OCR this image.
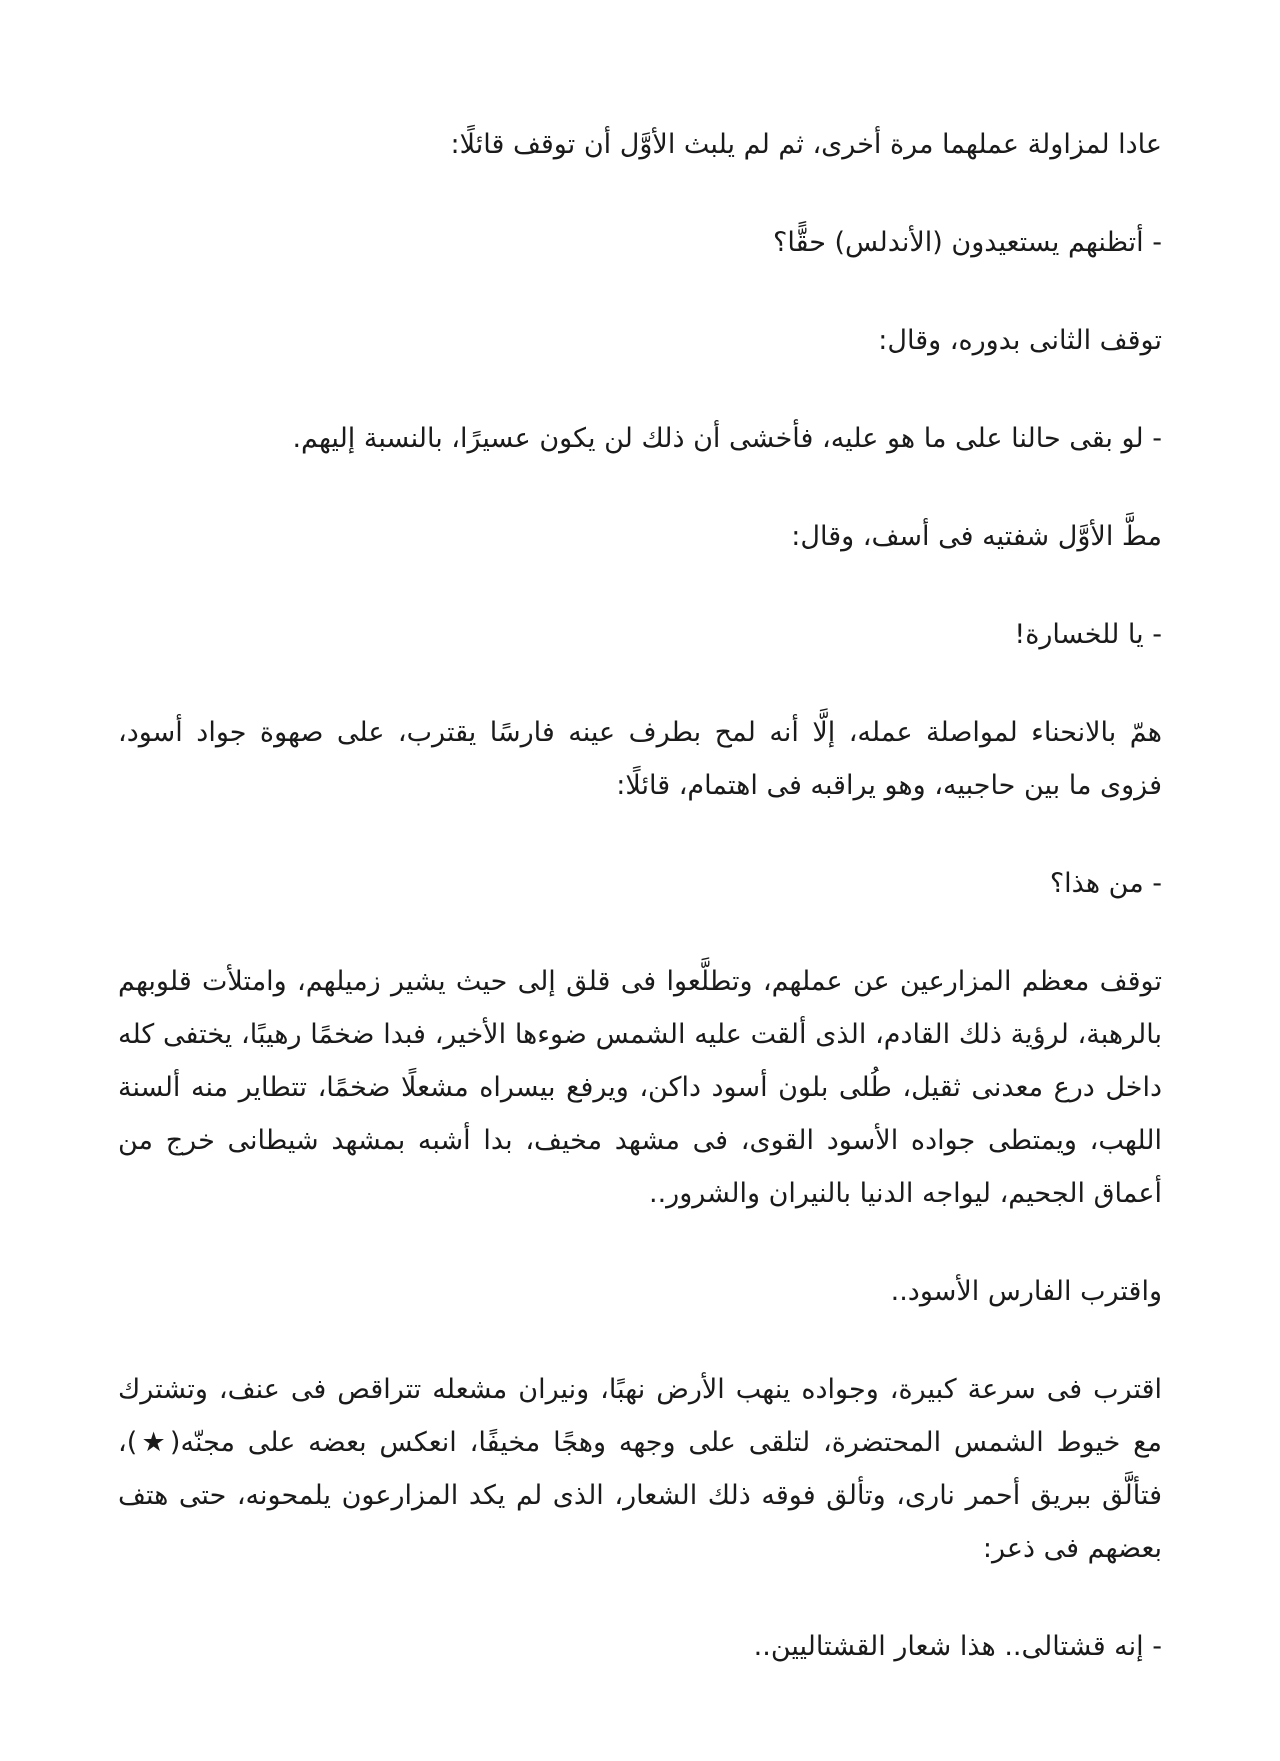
عادا لمزاولة عملهما مرة أخرى، ثم لم يلبث الأوَّل أن توقف قائلًا:

- أتظنهم يستعيدون (الأندلس) حقًّا؟

توقف الثانى بدوره، وقال:

- لو بقى حالنا على ما هو عليه، فأخشى أن ذلك لن يكون عسيرًا، بالنسبة إليهم.

مطَّ الأوَّل شفتيه فى أسف، وقال:

- يا للخسارة!

همّ بالانحناء لمواصلة عمله، إلَّا أنه لمح بطرف عينه فارسًا يقترب، على صهوة جواد أسود، فزوى ما بين حاجبيه، وهو يراقبه فى اهتمام، قائلًا:

- من هذا؟

توقف معظم المزارعين عن عملهم، وتطلَّعوا فى قلق إلى حيث يشير زميلهم، وامتلأت قلوبهم بالرهبة، لرؤية ذلك القادم، الذى ألقت عليه الشمس ضوءها الأخير، فبدا ضخمًا رهيبًا، يختفى كله داخل درع معدنى ثقيل، طُلى بلون أسود داكن، ويرفع بيسراه مشعلًا ضخمًا، تتطاير منه ألسنة اللهب، ويمتطى جواده الأسود القوى، فى مشهد مخيف، بدا أشبه بمشهد شيطانى خرج من أعماق الجحيم، ليواجه الدنيا بالنيران والشرور..

واقترب الفارس الأسود..

اقترب فى سرعة كبيرة، وجواده ينهب الأرض نهبًا، ونيران مشعله تتراقص فى عنف، وتشترك مع خيوط الشمس المحتضرة، لتلقى على وجهه وهجًا مخيفًا، انعكس بعضه على مجنّه(★)، فتألَّق ببريق أحمر نارى، وتألق فوقه ذلك الشعار، الذى لم يكد المزارعون يلمحونه، حتى هتف بعضهم فى ذعر:

- إنه قشتالى.. هذا شعار القشتاليين..
